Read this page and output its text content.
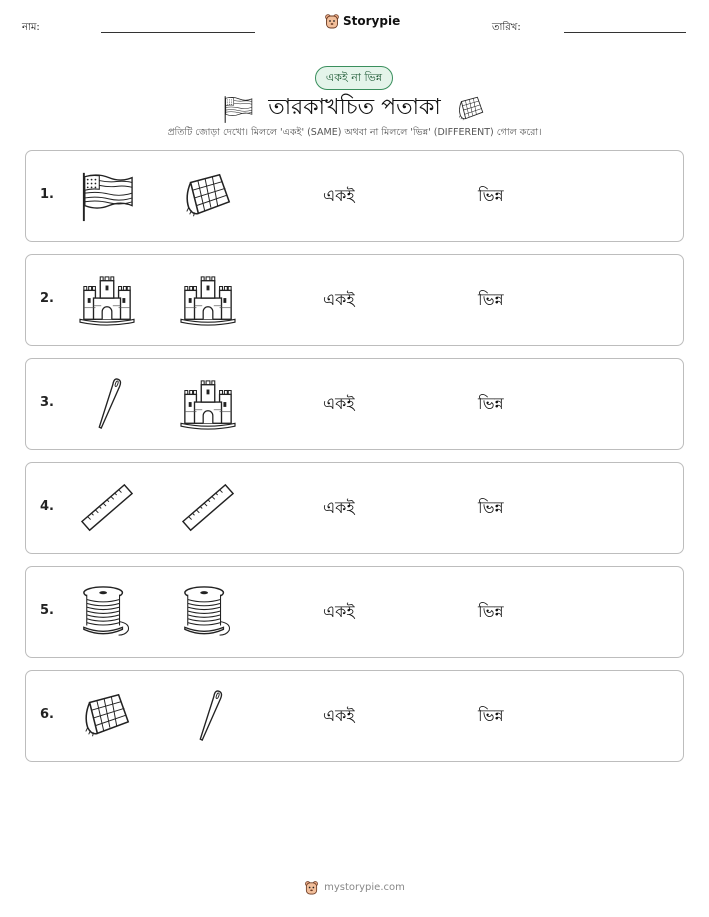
নাম:	Storypie	তারিখ:
একই না ভিন্ন
তারকাখচিত পতাকা
প্রতিটি জোড়া দেখো। মিললে 'একই' (SAME) অথবা না মিললে 'ভিন্ন' (DIFFERENT) গোল করো।
1.	একই	ভিন্ন
2.	একই	ভিন্ন
3.	একই	ভিন্ন
4.	একই	ভিন্ন
5.	একই	ভিন্ন
6.	একই	ভিন্ন
mystorypie.com
